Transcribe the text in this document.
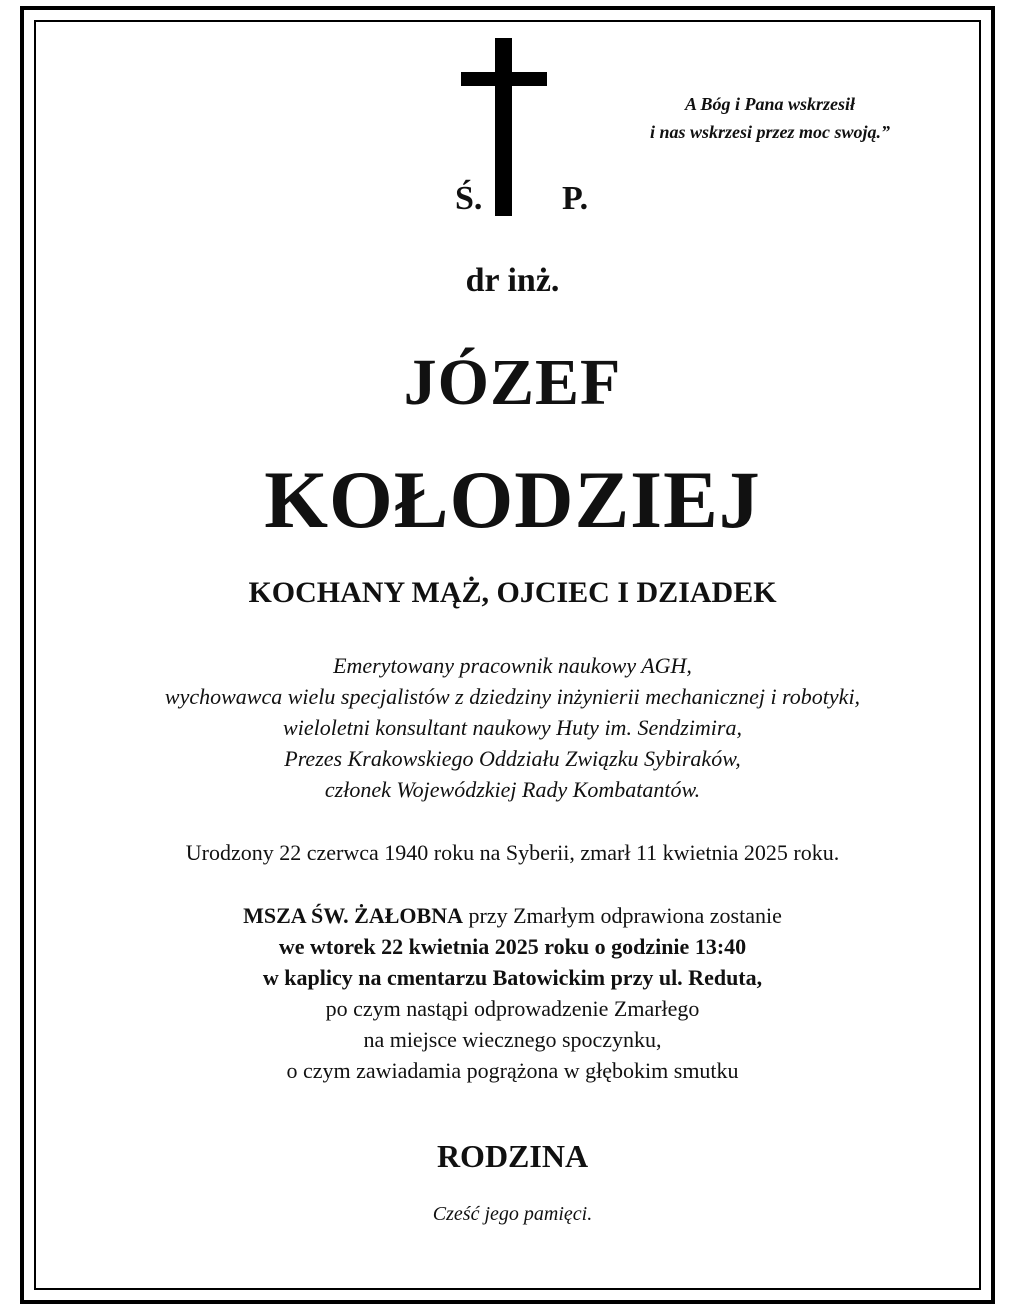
Ś. P.
A Bóg i Pana wskrzesił
i nas wskrzesi przez moc swoją.”
dr inż.
JÓZEF
KOŁODZIEJ
KOCHANY MĄŻ, OJCIEC I DZIADEK
Emerytowany pracownik naukowy AGH,
wychowawca wielu specjalistów z dziedziny inżynierii mechanicznej i robotyki,
wieloletni konsultant naukowy Huty im. Sendzimira,
Prezes Krakowskiego Oddziału Związku Sybiraków,
członek Wojewódzkiej Rady Kombatantów.
Urodzony 22 czerwca 1940 roku na Syberii, zmarł 11 kwietnia 2025 roku.
MSZA ŚW. ŻAŁOBNA przy Zmarłym odprawiona zostanie
we wtorek 22 kwietnia 2025 roku o godzinie 13:40
w kaplicy na cmentarzu Batowickim przy ul. Reduta,
po czym nastąpi odprowadzenie Zmarłego
na miejsce wiecznego spoczynku,
o czym zawiadamia pogrążona w głębokim smutku
RODZINA
Cześć jego pamięci.
